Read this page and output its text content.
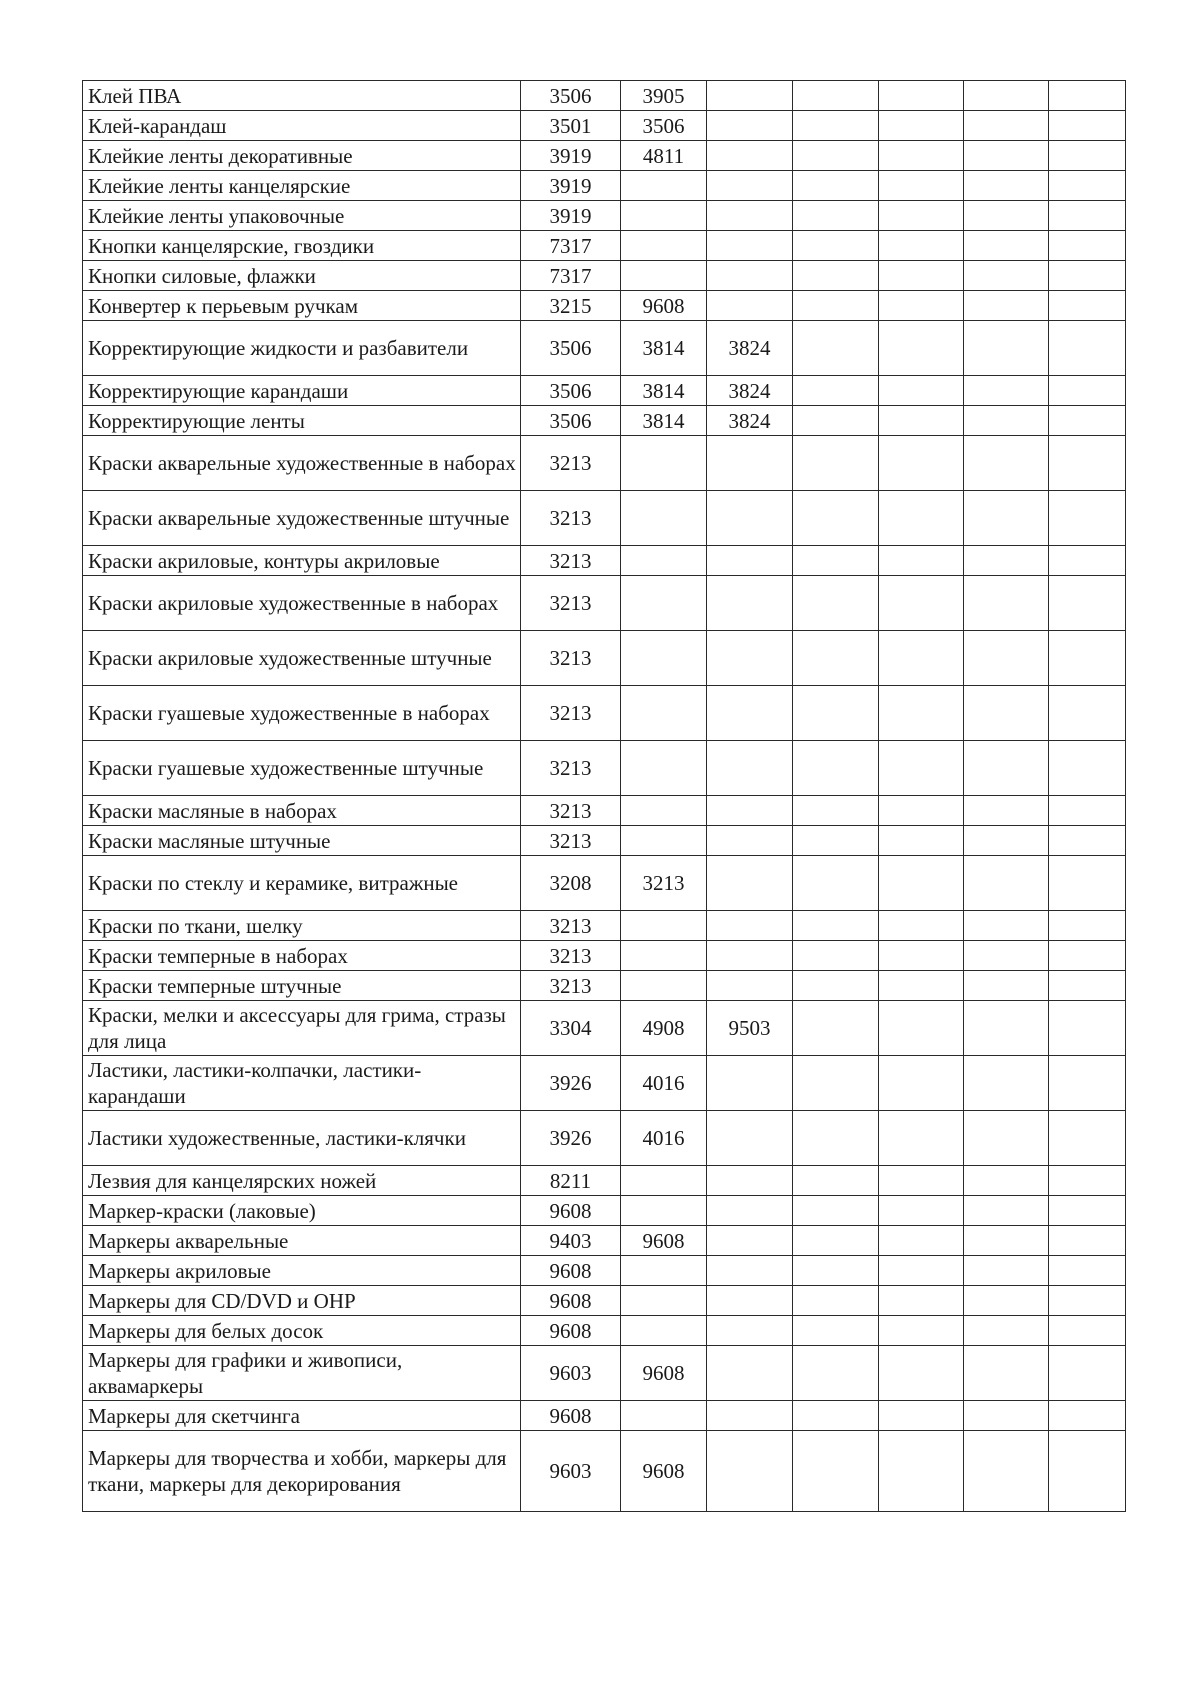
Клей ПВА	3506	3905					
Клей-карандаш	3501	3506					
Клейкие ленты декоративные	3919	4811					
Клейкие ленты канцелярские	3919						
Клейкие ленты упаковочные	3919						
Кнопки канцелярские, гвоздики	7317						
Кнопки силовые, флажки	7317						
Конвертер к перьевым ручкам	3215	9608					
Корректирующие жидкости и разбавители	3506	3814	3824				
Корректирующие карандаши	3506	3814	3824				
Корректирующие ленты	3506	3814	3824				
Краски акварельные художественные в наборах	3213						
Краски акварельные художественные штучные	3213						
Краски акриловые, контуры акриловые	3213						
Краски акриловые художественные в наборах	3213						
Краски акриловые художественные штучные	3213						
Краски гуашевые художественные в наборах	3213						
Краски гуашевые художественные штучные	3213						
Краски масляные в наборах	3213						
Краски масляные штучные	3213						
Краски по стеклу и керамике, витражные	3208	3213					
Краски по ткани, шелку	3213						
Краски темперные в наборах	3213						
Краски темперные штучные	3213						
Краски, мелки и аксессуары для грима, стразы для лица	3304	4908	9503				
Ластики, ластики-колпачки, ластики-карандаши	3926	4016					
Ластики художественные, ластики-клячки	3926	4016					
Лезвия для канцелярских ножей	8211						
Маркер-краски (лаковые)	9608						
Маркеры акварельные	9403	9608					
Маркеры акриловые	9608						
Маркеры для CD/DVD и OHP	9608						
Маркеры для белых досок	9608						
Маркеры для графики и живописи, аквамаркеры	9603	9608					
Маркеры для скетчинга	9608						
Маркеры для творчества и хобби, маркеры для ткани, маркеры для декорирования	9603	9608					
